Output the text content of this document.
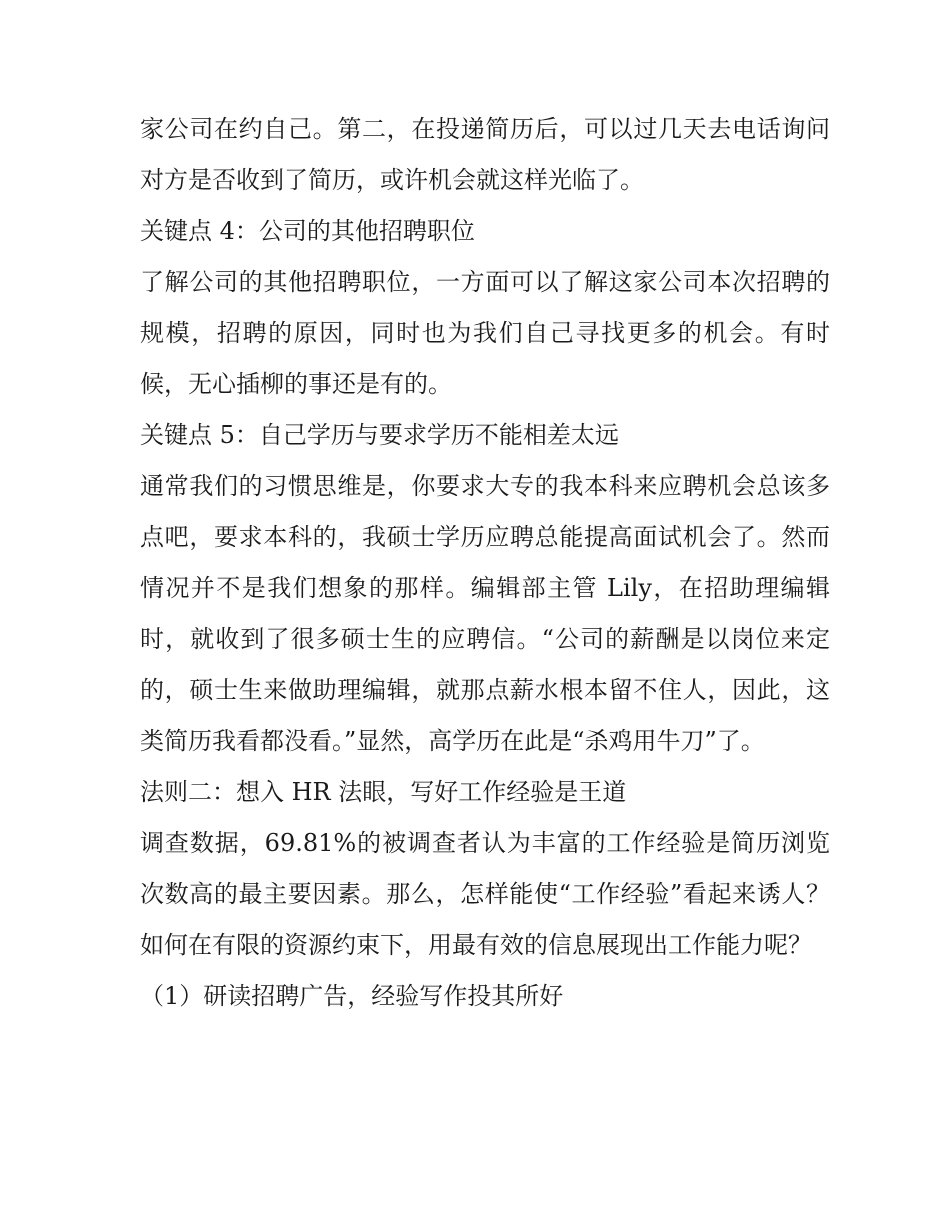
家公司在约自己。第二，在投递简历后，可以过几天去电话询问对方是否收到了简历，或许机会就这样光临了。

关键点 4：公司的其他招聘职位

了解公司的其他招聘职位，一方面可以了解这家公司本次招聘的规模，招聘的原因，同时也为我们自己寻找更多的机会。有时候，无心插柳的事还是有的。

关键点 5：自己学历与要求学历不能相差太远

通常我们的习惯思维是，你要求大专的我本科来应聘机会总该多点吧，要求本科的，我硕士学历应聘总能提高面试机会了。然而情况并不是我们想象的那样。编辑部主管 Lily，在招助理编辑时，就收到了很多硕士生的应聘信。“公司的薪酬是以岗位来定的，硕士生来做助理编辑，就那点薪水根本留不住人，因此，这类简历我看都没看。”显然，高学历在此是“杀鸡用牛刀”了。

法则二：想入 HR 法眼，写好工作经验是王道

调查数据，69.81%的被调查者认为丰富的工作经验是简历浏览次数高的最主要因素。那么，怎样能使“工作经验”看起来诱人？如何在有限的资源约束下，用最有效的信息展现出工作能力呢？

（1）研读招聘广告，经验写作投其所好
